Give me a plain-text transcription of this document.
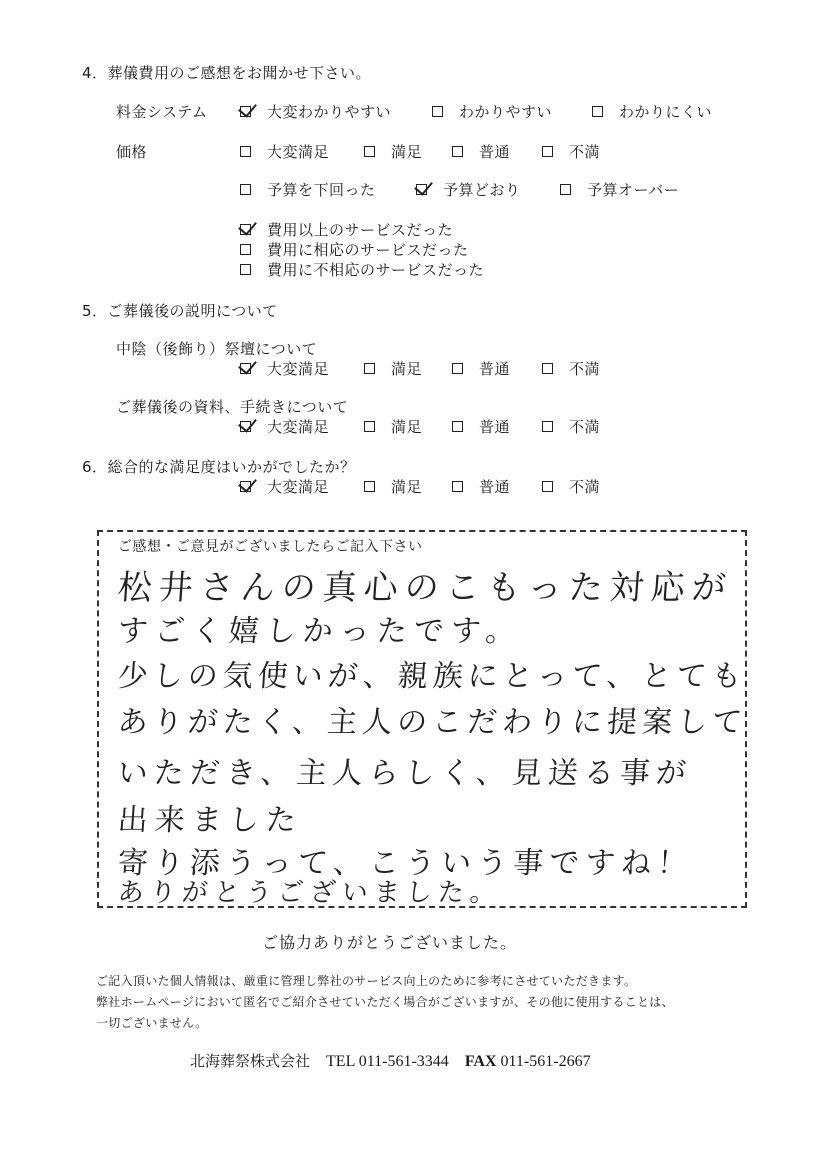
4．葬儀費用のご感想をお聞かせ下さい。
料金システム	大変わかりやすい	わかりやすい	わかりにくい
価格	大変満足	満足	普通	不満
予算を下回った	予算どおり	予算オーバー
費用以上のサービスだった
費用に相応のサービスだった
費用に不相応のサービスだった
5．ご葬儀後の説明について
中陰（後飾り）祭壇について
大変満足	満足	普通	不満
ご葬儀後の資料、手続きについて
大変満足	満足	普通	不満
6．総合的な満足度はいかがでしたか？
大変満足	満足	普通	不満
ご感想・ご意見がございましたらご記入下さい
松井さんの真心のこもった対応が
すごく嬉しかったです。
少しの気使いが、親族にとって、とても
ありがたく、主人のこだわりに提案して
いただき、主人らしく、見送る事が
出来ました
寄り添うって、こういう事ですね！
ありがとうございました。
ご協力ありがとうございました。
ご記入頂いた個人情報は、厳重に管理し弊社のサービス向上のために参考にさせていただきます。
弊社ホームページにおいて匿名でご紹介させていただく場合がございますが、その他に使用することは、
一切ございません。
北海葬祭株式会社 TEL 011-561-3344 FAX 011-561-2667
